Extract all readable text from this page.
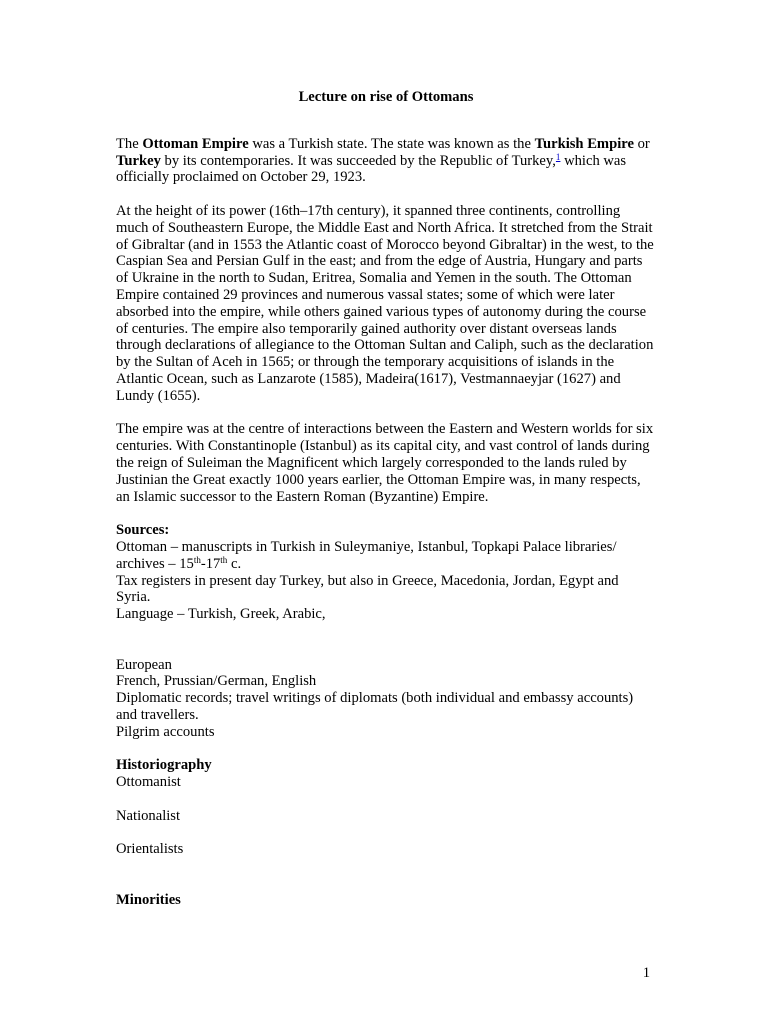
Lecture on rise of Ottomans

The Ottoman Empire was a Turkish state. The state was known as the Turkish Empire or Turkey by its contemporaries. It was succeeded by the Republic of Turkey,$^1$ which was officially proclaimed on October 29, 1923.

At the height of its power (16th–17th century), it spanned three continents, controlling much of Southeastern Europe, the Middle East and North Africa. It stretched from the Strait of Gibraltar (and in 1553 the Atlantic coast of Morocco beyond Gibraltar) in the west, to the Caspian Sea and Persian Gulf in the east; and from the edge of Austria, Hungary and parts of Ukraine in the north to Sudan, Eritrea, Somalia and Yemen in the south. The Ottoman Empire contained 29 provinces and numerous vassal states; some of which were later absorbed into the empire, while others gained various types of autonomy during the course of centuries. The empire also temporarily gained authority over distant overseas lands through declarations of allegiance to the Ottoman Sultan and Caliph, such as the declaration by the Sultan of Aceh in 1565; or through the temporary acquisitions of islands in the Atlantic Ocean, such as Lanzarote (1585), Madeira(1617), Vestmannaeyjar (1627) and Lundy (1655).

The empire was at the centre of interactions between the Eastern and Western worlds for six centuries. With Constantinople (Istanbul) as its capital city, and vast control of lands during the reign of Suleiman the Magnificent which largely corresponded to the lands ruled by Justinian the Great exactly 1000 years earlier, the Ottoman Empire was, in many respects, an Islamic successor to the Eastern Roman (Byzantine) Empire.

Sources:

Ottoman – manuscripts in Turkish in Suleymaniye, Istanbul, Topkapi Palace libraries/ archives – 15th-17th c.

Tax registers in present day Turkey, but also in Greece, Macedonia, Jordan, Egypt and Syria.

Language – Turkish, Greek, Arabic,

European

French, Prussian/German, English

Diplomatic records; travel writings of diplomats (both individual and embassy accounts) and travellers.

Pilgrim accounts

Historiography

Ottomanist

Nationalist

Orientalists

Minorities

1
